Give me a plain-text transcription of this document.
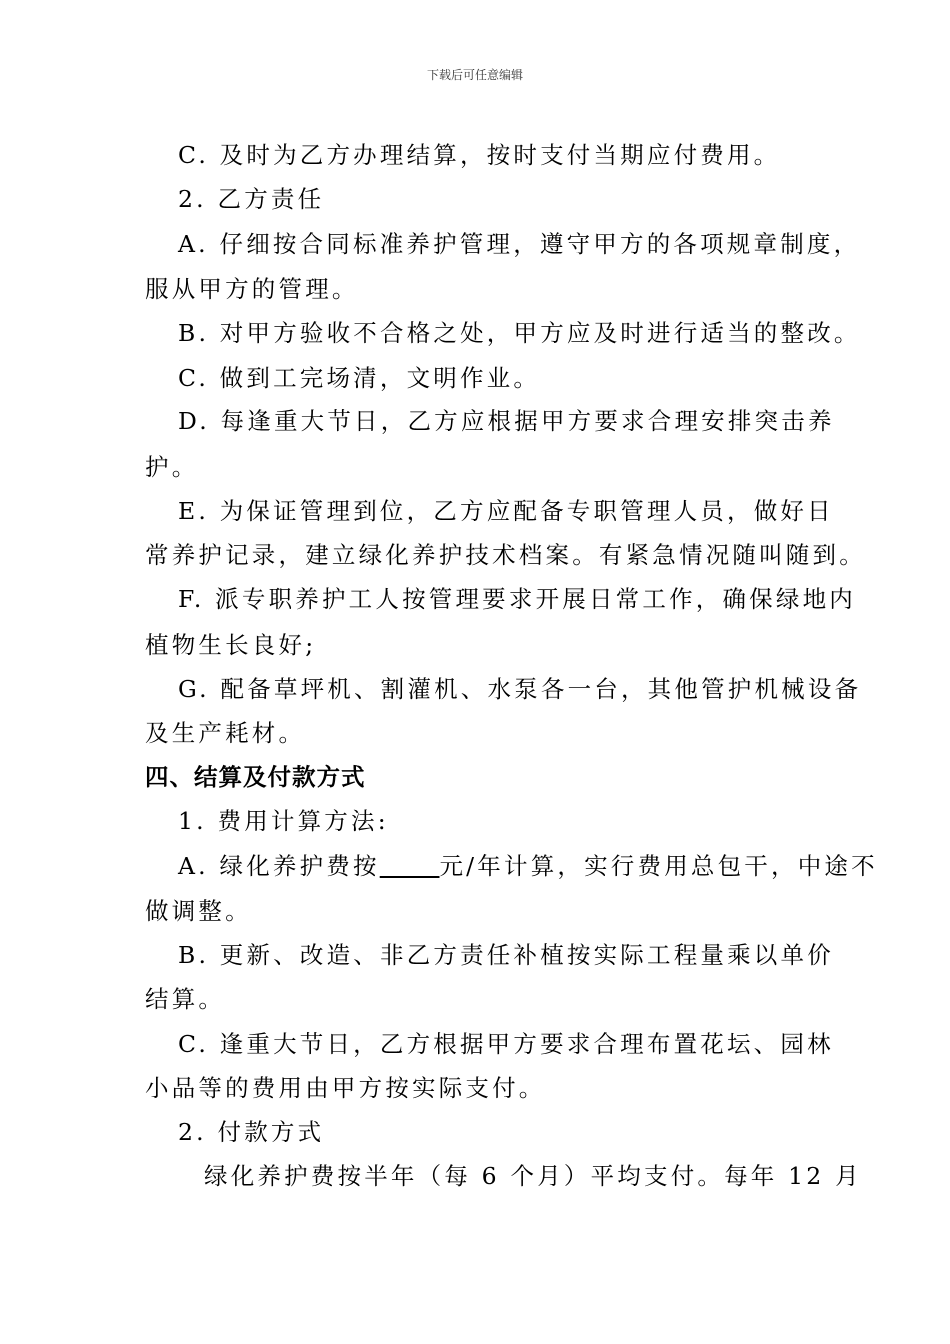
下载后可任意编辑
C. 及时为乙方办理结算，按时支付当期应付费用。
2. 乙方责任
A. 仔细按合同标准养护管理，遵守甲方的各项规章制度，
服从甲方的管理。
B. 对甲方验收不合格之处，甲方应及时进行适当的整改。
C. 做到工完场清，文明作业。
D. 每逢重大节日，乙方应根据甲方要求合理安排突击养
护。
E. 为保证管理到位，乙方应配备专职管理人员，做好日
常养护记录，建立绿化养护技术档案。有紧急情况随叫随到。
F. 派专职养护工人按管理要求开展日常工作，确保绿地内
植物生长良好;
G. 配备草坪机、割灌机、水泵各一台，其他管护机械设备
及生产耗材。
四、结算及付款方式
1. 费用计算方法:
A. 绿化养护费按	元/年计算，实行费用总包干，中途不
做调整。
B. 更新、改造、非乙方责任补植按实际工程量乘以单价
结算。
C. 逢重大节日，乙方根据甲方要求合理布置花坛、园林
小品等的费用由甲方按实际支付。
2. 付款方式
绿化养护费按半年（每 6 个月）平均支付。每年 12 月
